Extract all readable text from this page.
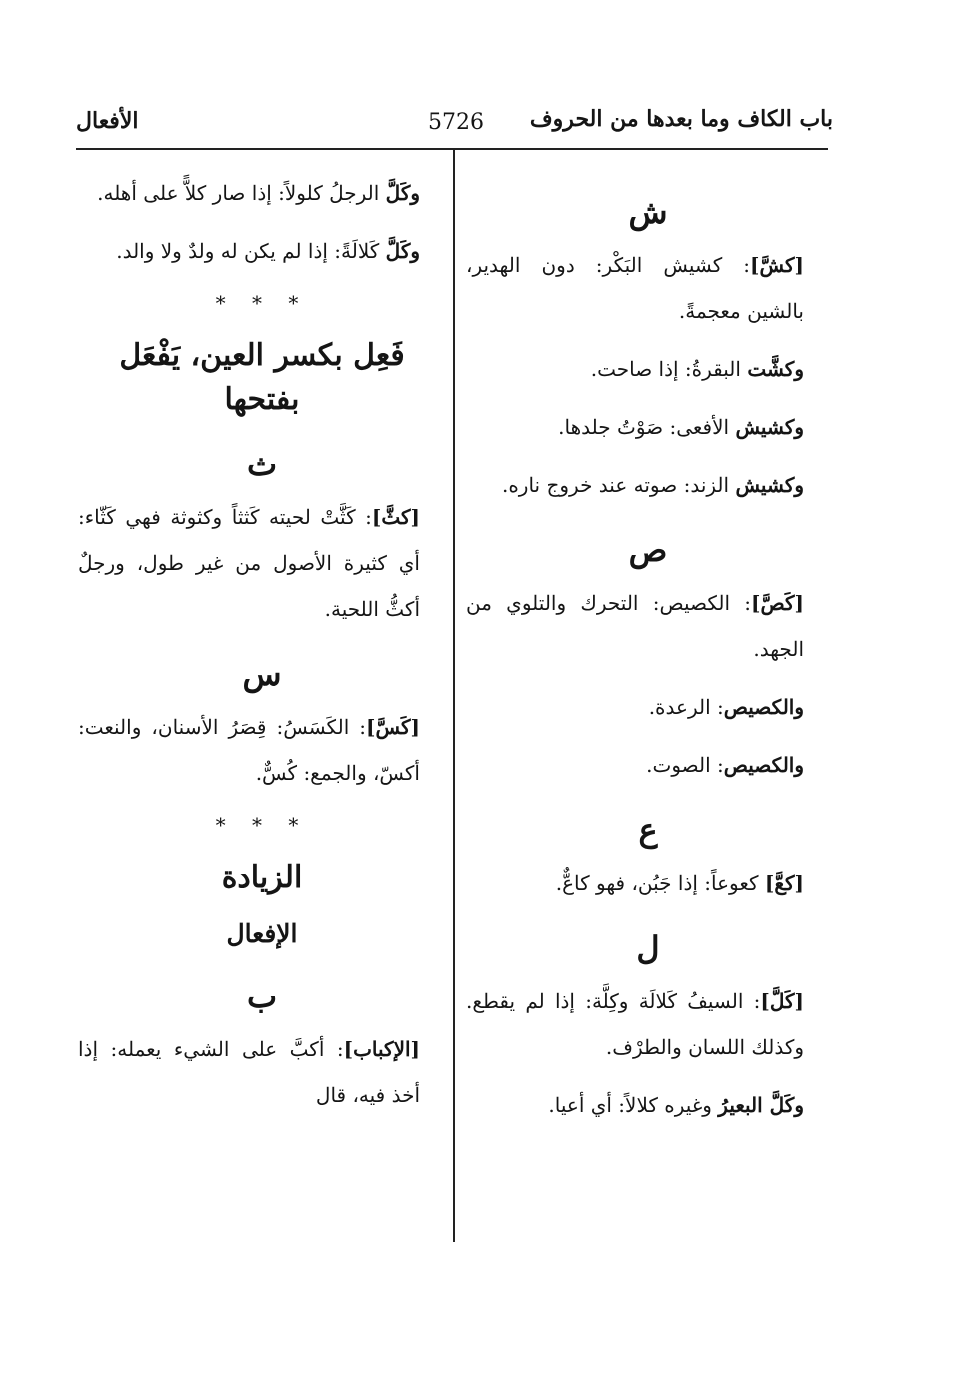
باب الكاف وما بعدها من الحروف
5726
الأفعال
ش

[كشَّ]: كشيش البَكْر: دون الهدير، بالشين معجمةً.

وكشَّت البقرةُ: إذا صاحت.

وكشيش الأفعى: صَوْتُ جلدها.

وكشيش الزند: صوته عند خروج ناره.

ص

[كَصَّ]: الكصيص: التحرك والتلوي من الجهد.

والكصيص: الرعدة.

والكصيص: الصوت.

ع

[كعَّ] كعوعاً: إذا جَبُن، فهو كاعٌّ.

ل

[كَلَّ]: السيفُ كَلالَة وكِلَّة: إذا لم يقطع. وكذلك اللسان والطرْف.

وكَلَّ البعيرُ وغيره كلالاً: أي أعيا.

وكَلَّ الرجلُ كلولاً: إذا صار كلاًّ على أهله.

وكَلَّ كَلالَةً: إذا لم يكن له ولدٌ ولا والد.

* * *
فَعِل بكسر العين، يَفْعَل بفتحها
ث

[كثَّ]: كَثَّتْ لحيته كَثثاً وكثوثة فهي كَثّاء: أي كثيرة الأصول من غير طول، ورجلٌ أكثُّ اللحية.

س

[كَسَّ]: الكَسَسُ: قِصَرُ الأسنان، والنعت: أكسّ، والجمع: كُسٌّ.

* * *
الزيادة
الإفعال
ب

[الإكباب]: أكبَّ على الشيء يعمله: إذا أخذ فيه، قال
